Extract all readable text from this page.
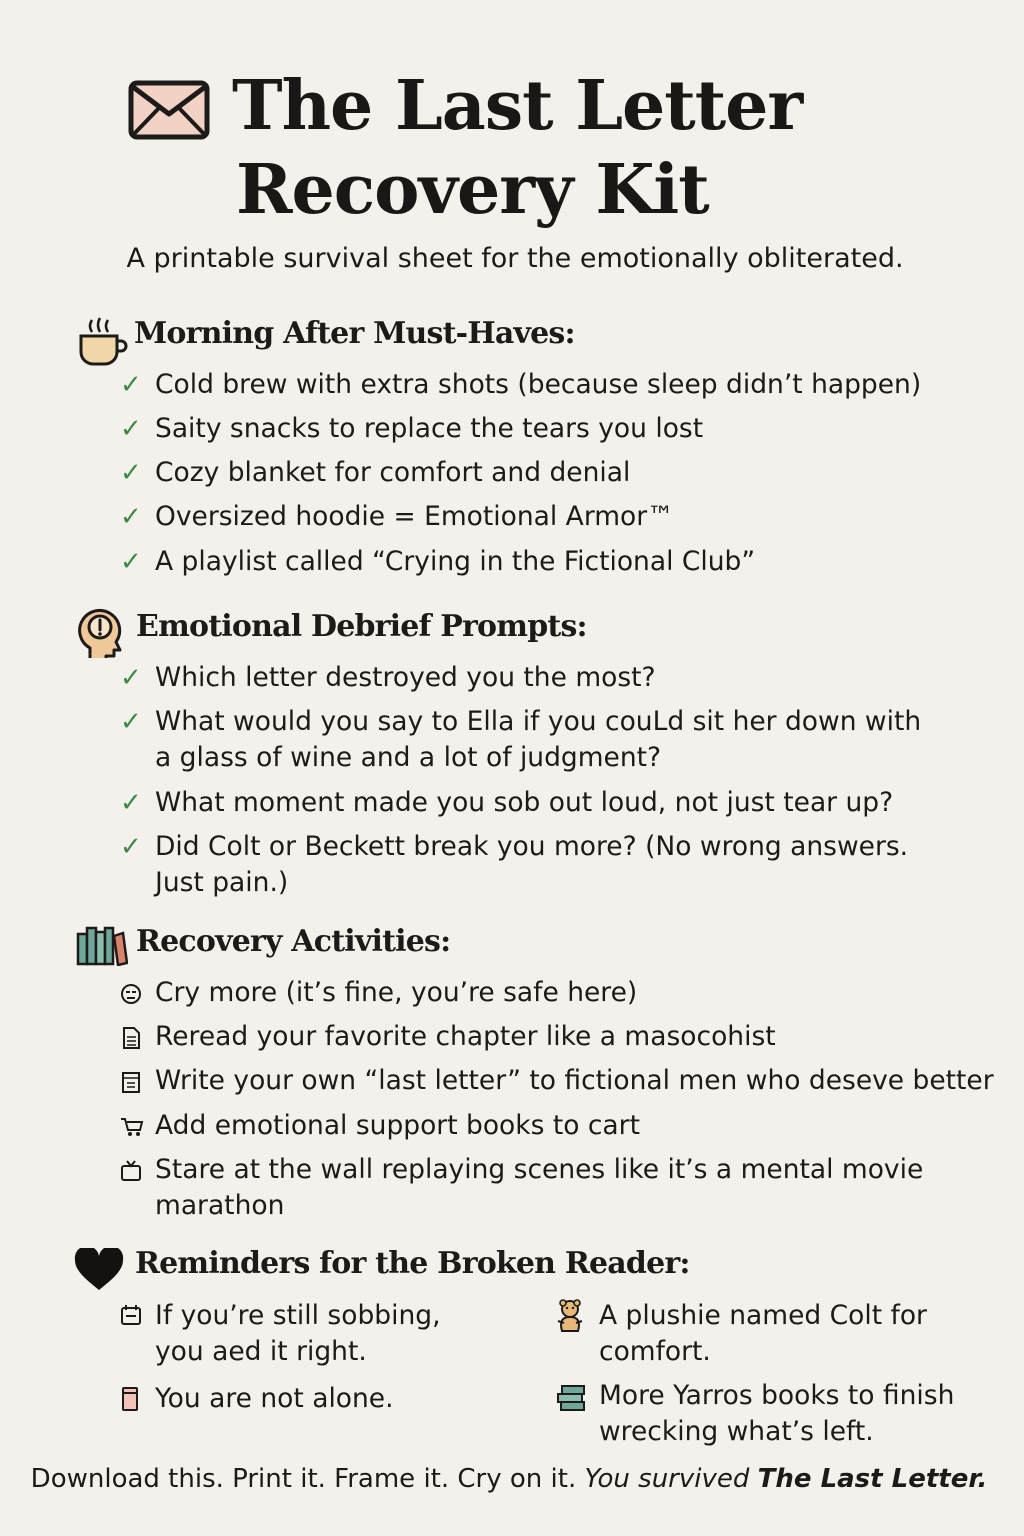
The Last Letter
Recovery Kit
A printable survival sheet for the emotionally obliterated.
Morning After Must-Haves:
✓ Cold brew with extra shots (because sleep didn’t happen)
✓ Saity snacks to replace the tears you lost
✓ Cozy blanket for comfort and denial
✓ Oversized hoodie = Emotional Armor™
✓ A playlist called “Crying in the Fictional Club”
Emotional Debrief Prompts:
✓ Which letter destroyed you the most?
✓ What would you say to Ella if you couLd sit her down with
a glass of wine and a lot of judgment?
✓ What moment made you sob out loud, not just tear up?
✓ Did Colt or Beckett break you more? (No wrong answers.
Just pain.)
Recovery Activities:
Cry more (it’s fine, you’re safe here)
Reread your favorite chapter like a masocohist
Write your own “last letter” to fictional men who deseve better
Add emotional support books to cart
Stare at the wall replaying scenes like it’s a mental movie
marathon
Reminders for the Broken Reader:
If you’re still sobbing,
you aed it right.
You are not alone.
A plushie named Colt for
comfort.
More Yarros books to finish
wrecking what’s left.
Download this. Print it. Frame it. Cry on it. You survived The Last Letter.
